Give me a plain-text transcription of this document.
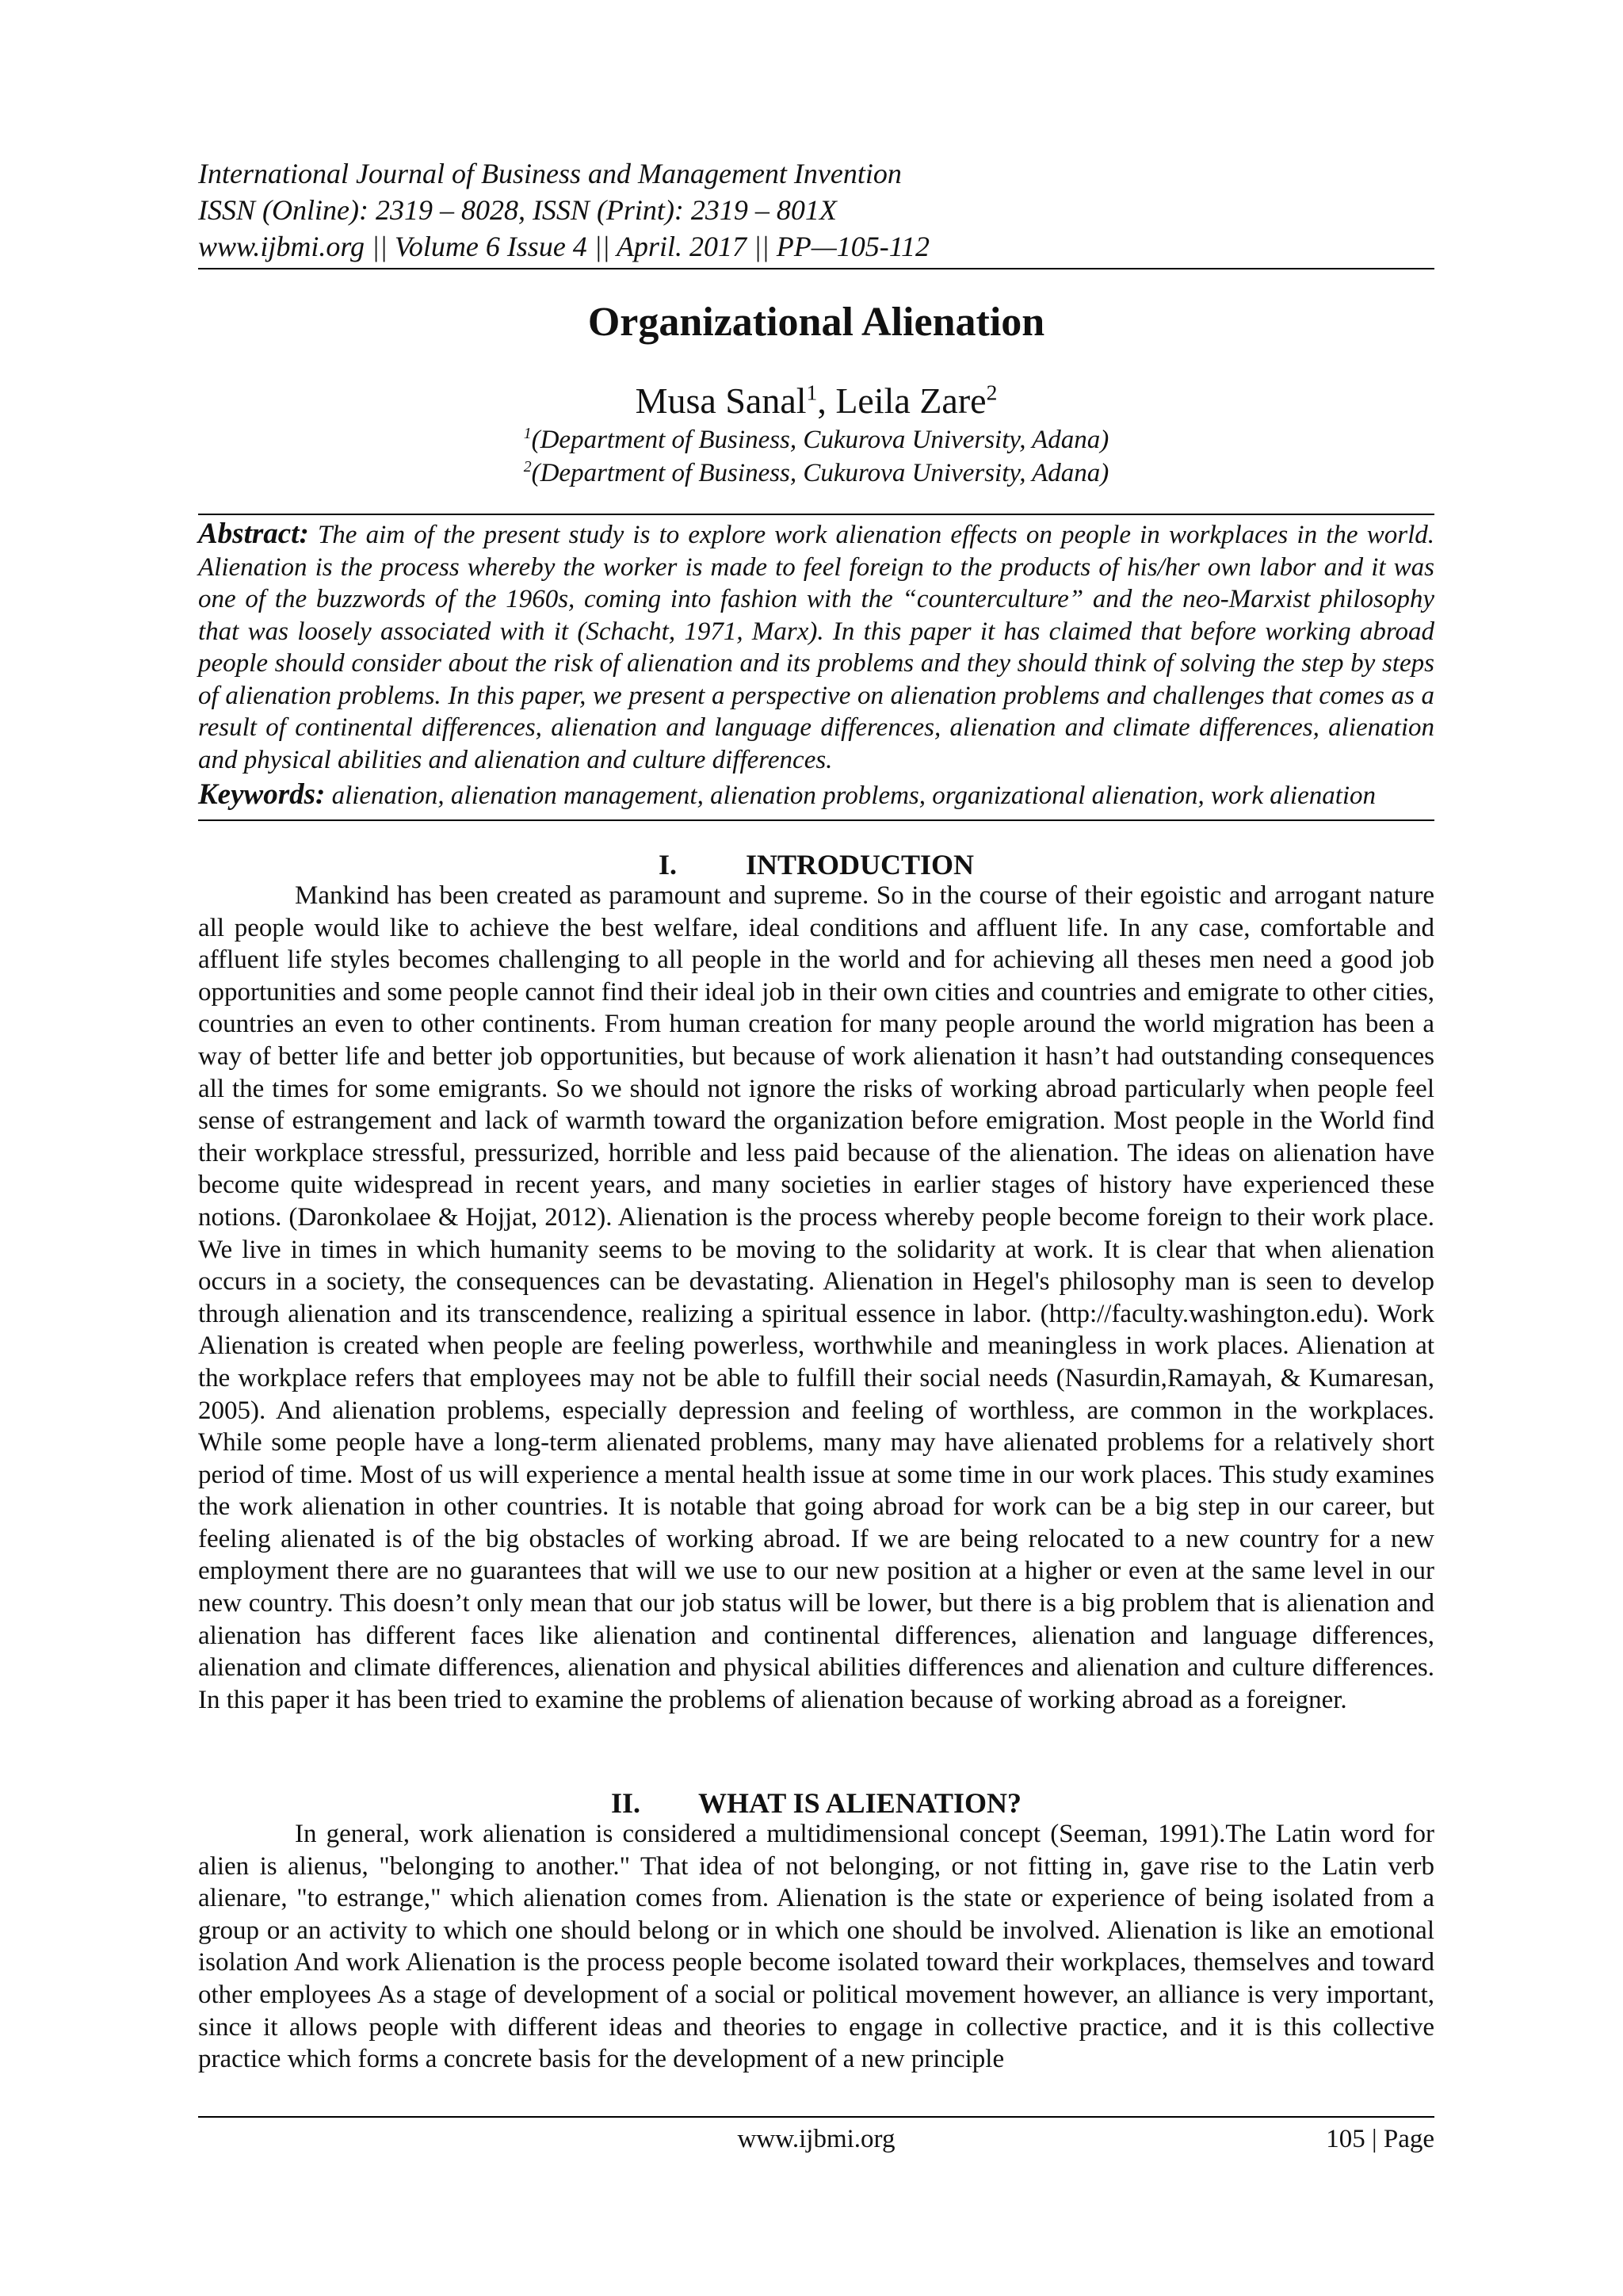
International Journal of Business and Management Invention
ISSN (Online): 2319 – 8028, ISSN (Print): 2319 – 801X
www.ijbmi.org || Volume 6 Issue 4 || April. 2017 || PP—105-112
Organizational Alienation
Musa Sanal$^1$, Leila Zare$^2$
$^1$(Department of Business, Cukurova University, Adana)
$^2$(Department of Business, Cukurova University, Adana)
Abstract: The aim of the present study is to explore work alienation effects on people in workplaces in the world. Alienation is the process whereby the worker is made to feel foreign to the products of his/her own labor and it was one of the buzzwords of the 1960s, coming into fashion with the “counterculture” and the neo-Marxist philosophy that was loosely associated with it (Schacht, 1971, Marx). In this paper it has claimed that before working abroad people should consider about the risk of alienation and its problems and they should think of solving the step by steps of alienation problems. In this paper, we present a perspective on alienation problems and challenges that comes as a result of continental differences, alienation and language differences, alienation and climate differences, alienation and physical abilities and alienation and culture differences.
Keywords: alienation, alienation management, alienation problems, organizational alienation, work alienation
I. INTRODUCTION

Mankind has been created as paramount and supreme. So in the course of their egoistic and arrogant nature all people would like to achieve the best welfare, ideal conditions and affluent life. In any case, comfortable and affluent life styles becomes challenging to all people in the world and for achieving all theses men need a good job opportunities and some people cannot find their ideal job in their own cities and countries and emigrate to other cities, countries an even to other continents. From human creation for many people around the world migration has been a way of better life and better job opportunities, but because of work alienation it hasn’t had outstanding consequences all the times for some emigrants. So we should not ignore the risks of working abroad particularly when people feel sense of estrangement and lack of warmth toward the organization before emigration. Most people in the World find their workplace stressful, pressurized, horrible and less paid because of the alienation. The ideas on alienation have become quite widespread in recent years, and many societies in earlier stages of history have experienced these notions. (Daronkolaee & Hojjat, 2012). Alienation is the process whereby people become foreign to their work place. We live in times in which humanity seems to be moving to the solidarity at work. It is clear that when alienation occurs in a society, the consequences can be devastating. Alienation in Hegel's philosophy man is seen to develop through alienation and its transcendence, realizing a spiritual essence in labor. (http://faculty.washington.edu). Work Alienation is created when people are feeling powerless, worthwhile and meaningless in work places. Alienation at the workplace refers that employees may not be able to fulfill their social needs (Nasurdin,Ramayah, & Kumaresan, 2005). And alienation problems, especially depression and feeling of worthless, are common in the workplaces. While some people have a long-term alienated problems, many may have alienated problems for a relatively short period of time. Most of us will experience a mental health issue at some time in our work places. This study examines the work alienation in other countries. It is notable that going abroad for work can be a big step in our career, but feeling alienated is of the big obstacles of working abroad. If we are being relocated to a new country for a new employment there are no guarantees that will we use to our new position at a higher or even at the same level in our new country. This doesn’t only mean that our job status will be lower, but there is a big problem that is alienation and alienation has different faces like alienation and continental differences, alienation and language differences, alienation and climate differences, alienation and physical abilities differences and alienation and culture differences. In this paper it has been tried to examine the problems of alienation because of working abroad as a foreigner.

II. WHAT IS ALIENATION?

In general, work alienation is considered a multidimensional concept (Seeman, 1991).The Latin word for alien is alienus, "belonging to another." That idea of not belonging, or not fitting in, gave rise to the Latin verb alienare, "to estrange," which alienation comes from. Alienation is the state or experience of being isolated from a group or an activity to which one should belong or in which one should be involved. Alienation is like an emotional isolation And work Alienation is the process people become isolated toward their workplaces, themselves and toward other employees As a stage of development of a social or political movement however, an alliance is very important, since it allows people with different ideas and theories to engage in collective practice, and it is this collective practice which forms a concrete basis for the development of a new principle

www.ijbmi.org	105 | Page
